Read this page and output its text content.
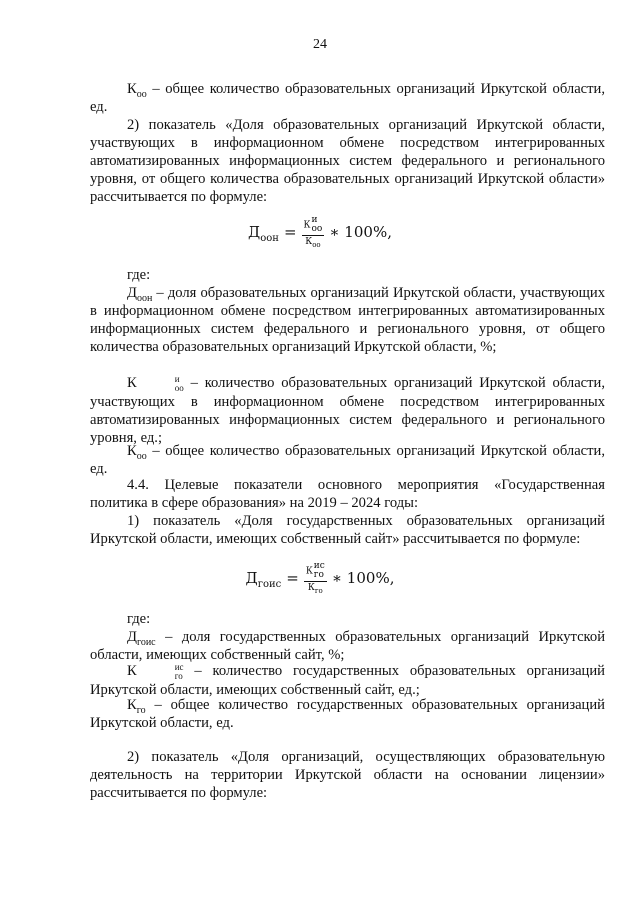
24
$К_{оо}$ – общее количество образовательных организаций Иркутской области, ед.
2) показатель «Доля образовательных организаций Иркутской области, участвующих в информационном обмене посредством интегрированных автоматизированных информационных систем федерального и регионального уровня, от общего количества образовательных организаций Иркутской области» рассчитывается по формуле:
$Д_{оон} = К$
и
оо
$К_{оо}$ ∗ 100%,
где:
$Д_{оон}$ – доля образовательных организаций Иркутской области, участвующих в информационном обмене посредством интегрированных автоматизированных информационных систем федерального и регионального уровня, от общего количества образовательных организаций Иркутской области, %;
К	и
оо – количество образовательных организаций Иркутской области, участвующих в информационном обмене посредством интегрированных автоматизированных информационных систем федерального и регионального уровня, ед.;
$К_{оо}$ – общее количество образовательных организаций Иркутской области, ед.
4.4. Целевые показатели основного мероприятия «Государственная политика в сфере образования» на 2019 – 2024 годы:
1) показатель «Доля государственных образовательных организаций Иркутской области, имеющих собственный сайт» рассчитывается по формуле:
$Д_{гоис} = К$
ис
го
$К_{го}$ ∗ 100%,
где:
$Д_{гоис}$ – доля государственных образовательных организаций Иркутской области, имеющих собственный сайт, %;
К	ис
го – количество государственных образовательных организаций Иркутской области, имеющих собственный сайт, ед.;
$К_{го}$ – общее количество государственных образовательных организаций Иркутской области, ед.
2) показатель «Доля организаций, осуществляющих образовательную деятельность на территории Иркутской области на основании лицензии» рассчитывается по формуле:
